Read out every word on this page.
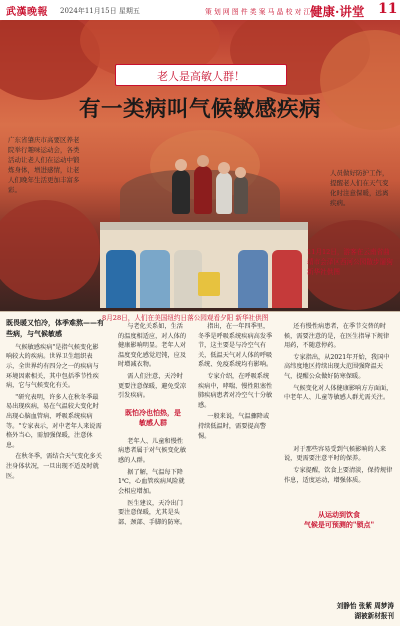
武漢晚報 2024年11月15日 星期五	策 划 网 图 件 类 案 马 晶 校 对 江 丽
健康·讲堂 11
老人是高敏人群！
有一类病叫气候敏感疾病
广东省肇庆市高要区养老院举行趣味运动会，各类活动让老人们在运动中锻炼身体，增进感情，让老人们晚年生活更加丰富多彩。
人员做好防护工作，提醒老人们在天气变化时注意保暖，远离疾病。
11月12日，游客在云南省曲靖市会泽区西河公园散步遛狗 新华社供图
8月28日，人们在美国纽约日落公园观看夕阳 新华社供图
既畏暖又怕冷，体季难熬——有些病，与气候敏感

气候敏感疾病"是指气候变化影响较大的疾病。世界卫生组织表示，全世界约有四分之一的疾病与环境因素相关，其中包括季节性疾病，它与气候变化有关。

"研究表明，许多人在秋冬季最易出现疾病，易在气温较大变化时出现心脑血管病、呼吸系统疾病等。"专家表示，对中老年人来说需格外当心，需加强保暖，注意休息。

在秋冬季，需结合天气变化多关注身体状况，一旦出现不适及时就医。

与老化关系如，生活的温度相适应，对人体的健康影响明显。老年人对温度变化感觉迟钝，应及时增减衣物。

需人们注意，天冷时更要注意保暖，避免受凉引发疾病。

老年人、儿童和慢性病患者属于对气候变化敏感的人群。

据了解，气温每下降1℃，心血管疾病风险就会相应增加。

医生建议，天冷出门要注意保暖，尤其是头部、颈部、手脚的防寒。

既怕冷也怕热，是
敏感人群

指出，在一年四季里，冬季是呼吸系统疾病高发季节，这主要是与冷空气有关，低温天气对人体的呼吸系统、免疫系统均有影响。

专家介绍，在呼吸系统疾病中，哮喘、慢性阻塞性肺疾病患者对冷空气十分敏感。

一般来说，气温骤降或持续低温时，需要提高警惕。

还有慢性病患者，在季节交替的时候，需要注意的是，在医生指导下规律用药，不随意停药。

专家指出，从2021年开始，我国中高纬度地区持续出现大范围强降温天气，提醒公众做好防寒保暖。

气候变化对人体健康影响方方面面，中老年人、儿童等敏感人群尤需关注。

对于那些容易受到气候影响的人来说，更需要注意平时的保养。

专家提醒，饮食上要清淡，保持规律作息，适度运动，增强体质。

从运动到饮食
气候是可预测的"锁点"
刘静怡 张紫 周梦涛
湖被新材报刊
